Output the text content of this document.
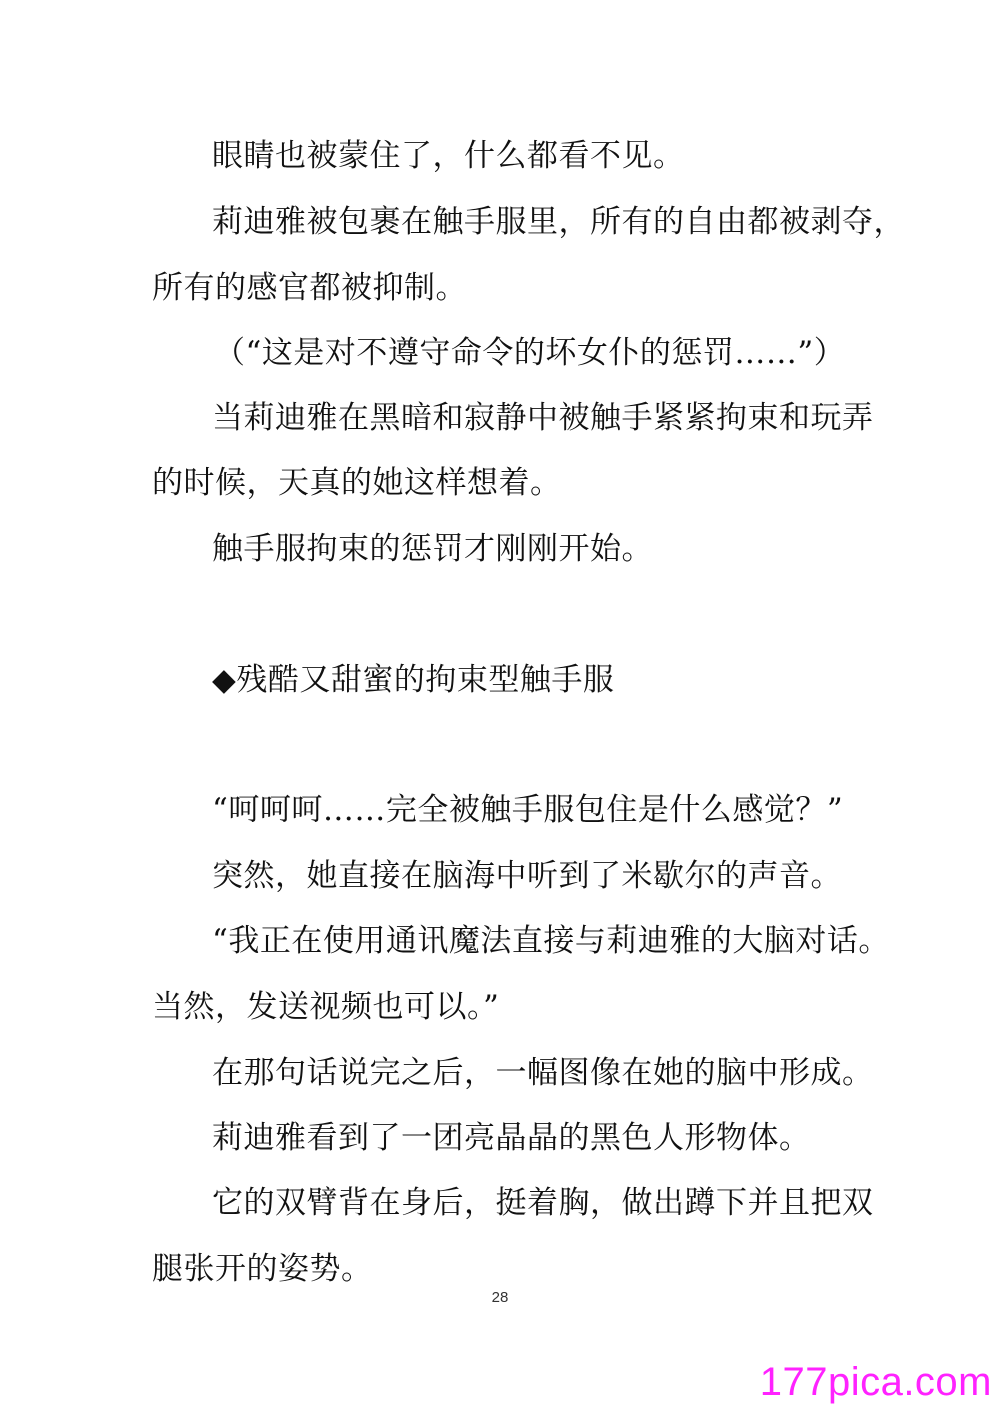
眼睛也被蒙住了，什么都看不见。
莉迪雅被包裹在触手服里，所有的自由都被剥夺，
所有的感官都被抑制。
（“这是对不遵守命令的坏女仆的惩罚……”）
当莉迪雅在黑暗和寂静中被触手紧紧拘束和玩弄
的时候，天真的她这样想着。
触手服拘束的惩罚才刚刚开始。
◆残酷又甜蜜的拘束型触手服
“呵呵呵……完全被触手服包住是什么感觉？”
突然，她直接在脑海中听到了米歇尔的声音。
“我正在使用通讯魔法直接与莉迪雅的大脑对话。
当然，发送视频也可以。”
在那句话说完之后，一幅图像在她的脑中形成。
莉迪雅看到了一团亮晶晶的黑色人形物体。
它的双臂背在身后，挺着胸，做出蹲下并且把双
腿张开的姿势。
28
177pica.com
